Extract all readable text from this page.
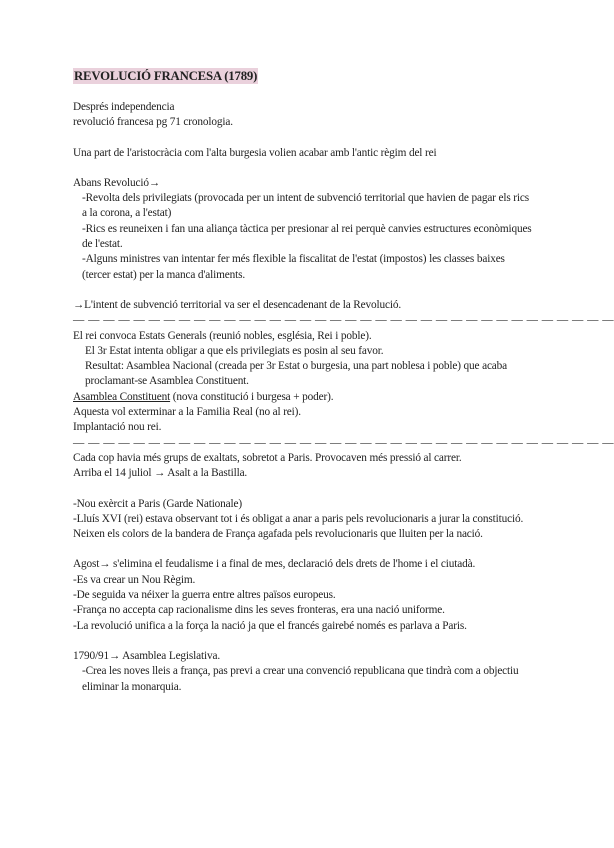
REVOLUCIÓ FRANCESA (1789)
Després independencia
revolució francesa pg 71 cronologia.
Una part de l'aristocràcia com l'alta burgesia volien acabar amb l'antic règim del rei
Abans Revolució→
-Revolta dels privilegiats (provocada per un intent de subvenció territorial que havien de pagar els rics a la corona, a l'estat)
-Rics es reuneixen i fan una aliança tàctica per presionar al rei perquè canvies estructures econòmiques de l'estat.
-Alguns ministres van intentar fer més flexible la fiscalitat de l'estat (impostos) les classes baixes (tercer estat) per la manca d'aliments.
→L'intent de subvenció territorial va ser el desencadenant de la Revolució.
— — — — — — — — — — — — — — — — — — — — — — — — — — — — — — — — — — — —
El rei convoca Estats Generals (reunió nobles, església, Rei i poble).
El 3r Estat intenta obligar a que els privilegiats es posin al seu favor.
Resultat: Asamblea Nacional (creada per 3r Estat o burgesia, una part noblesa i poble) que acaba proclamant-se Asamblea Constituent.
Asamblea Constituent (nova constitució i burgesa + poder).
Aquesta vol exterminar a la Familia Real (no al rei).
Implantació nou rei.
— — — — — — — — — — — — — — — — — — — — — — — — — — — — — — — — — — — —
Cada cop havia més grups de exaltats, sobretot a Paris. Provocaven més pressió al carrer.
Arriba el 14 juliol → Asalt a la Bastilla.
-Nou exèrcit a Paris (Garde Nationale)
-Lluís XVI (rei) estava observant tot i és obligat a anar a paris pels revolucionaris a jurar la constitució. Neixen els colors de la bandera de França agafada pels revolucionaris que lluiten per la nació.
Agost→ s'elimina el feudalisme i a final de mes, declaració dels drets de l'home i el ciutadà.
-Es va crear un Nou Règim.
-De seguida va néixer la guerra entre altres països europeus.
-França no accepta cap racionalisme dins les seves fronteras, era una nació uniforme.
-La revolució unifica a la força la nació ja que el francés gairebé només es parlava a Paris.
1790/91→ Asamblea Legislativa.
-Crea les noves lleis a frança, pas previ a crear una convenció republicana que tindrà com a objectiu eliminar la monarquia.
